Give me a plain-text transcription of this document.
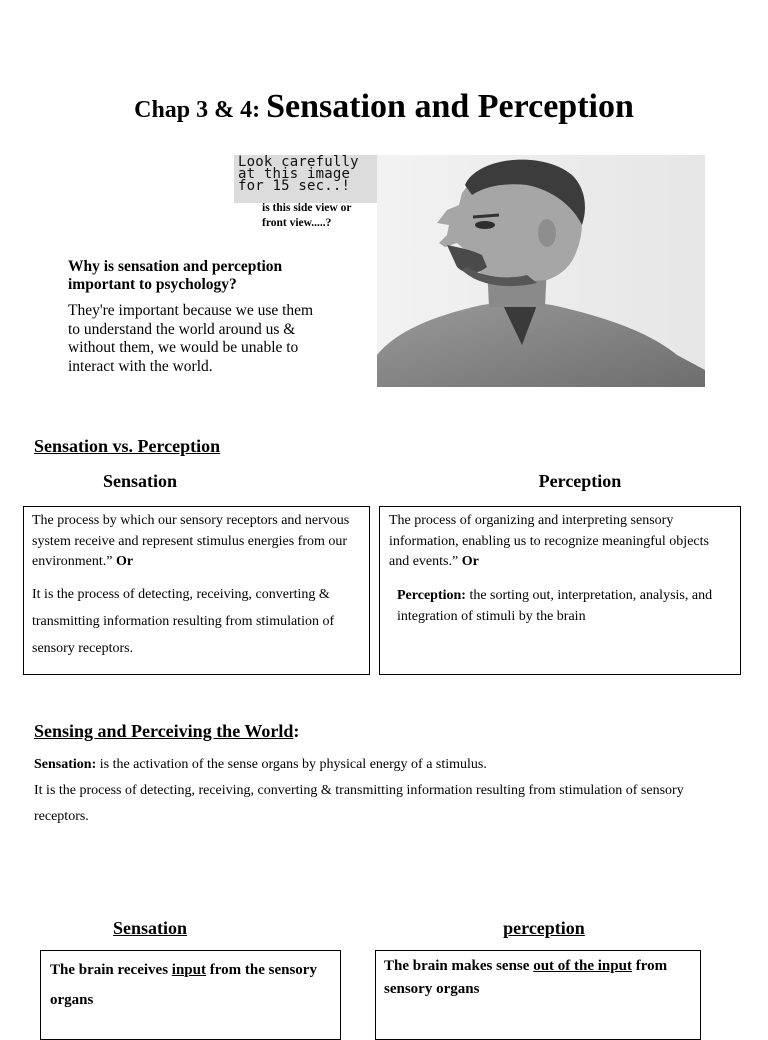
Chap 3 & 4: Sensation and Perception
Look carefully
at this image
for 15 sec..!
is this side view or
front view.....?
Why is sensation and perception
important to psychology?
They're important because we use them
to understand the world around us &
without them, we would be unable to
interact with the world.
Sensation vs. Perception
Sensation	Perception

The process by which our sensory receptors and nervous system receive and represent stimulus energies from our environment.” Or

It is the process of detecting, receiving, converting & transmitting information resulting from stimulation of sensory receptors.

The process of organizing and interpreting sensory information, enabling us to recognize meaningful objects and events.” Or

Perception: the sorting out, interpretation, analysis, and integration of stimuli by the brain

Sensing and Perceiving the World:
Sensation: is the activation of the sense organs by physical energy of a stimulus.
It is the process of detecting, receiving, converting & transmitting information resulting from stimulation of sensory receptors.
Sensation	perception
The brain receives input from the sensory organs
The brain makes sense out of the input from sensory organs
